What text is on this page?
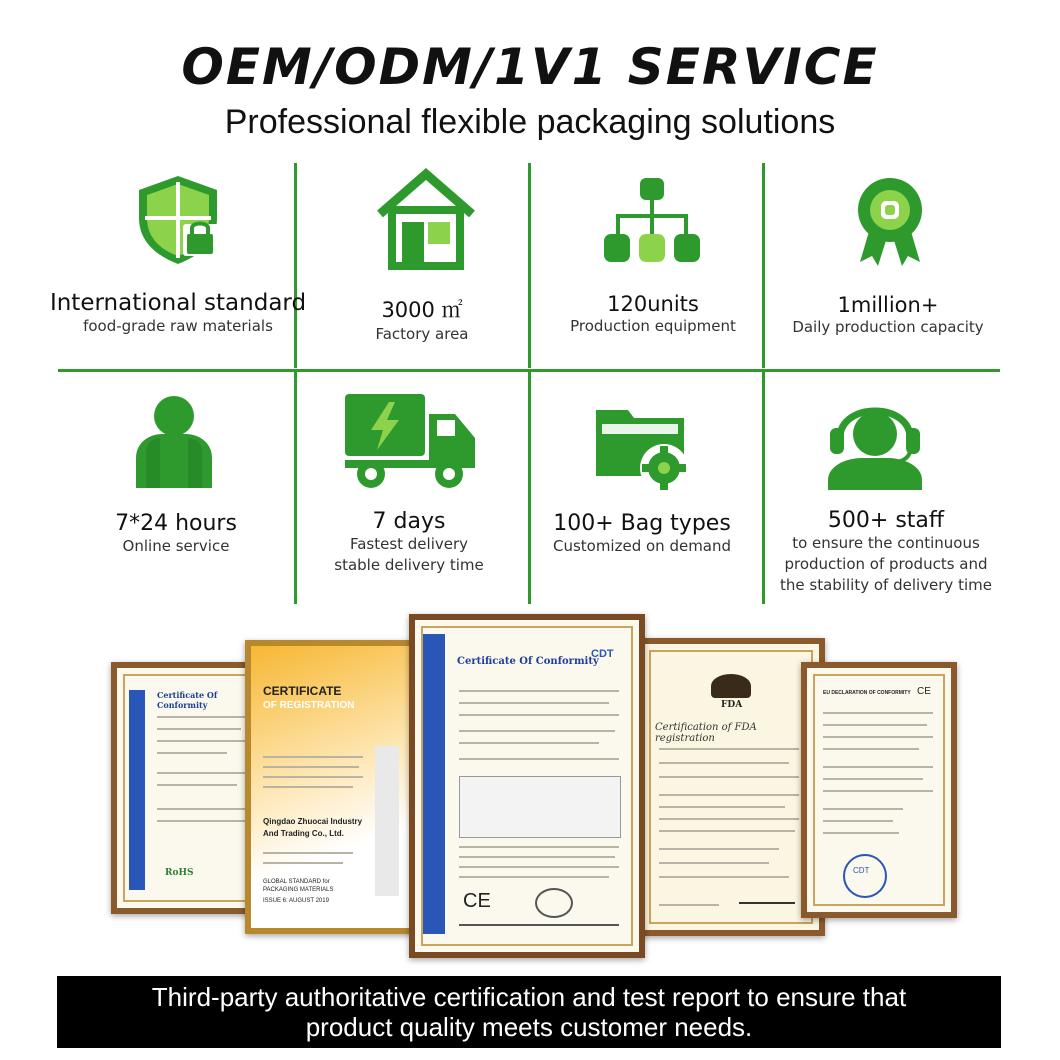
OEM/ODM/1V1 SERVICE
Professional flexible packaging solutions
International standard
food-grade raw materials
3000 ㎡
Factory area
120units
Production equipment
1million+
Daily production capacity
7*24 hours
Online service
7 days
Fastest delivery
stable delivery time
100+ Bag types
Customized on demand
500+ staff
to ensure the continuous
production of products and
the stability of delivery time
Certificate Of Conformity
RoHS
CERTIFICATE
OF REGISTRATION
Qingdao Zhuocai Industry And Trading Co., Ltd.
GLOBAL STANDARD for PACKAGING MATERIALS
ISSUE 6: AUGUST 2019
FDA
Certification of FDA registration
EU DECLARATION OF CONFORMITY CE
CDT
Certificate Of Conformity
CDT
CE
Third-party authoritative certification and test report to ensure that
product quality meets customer needs.
